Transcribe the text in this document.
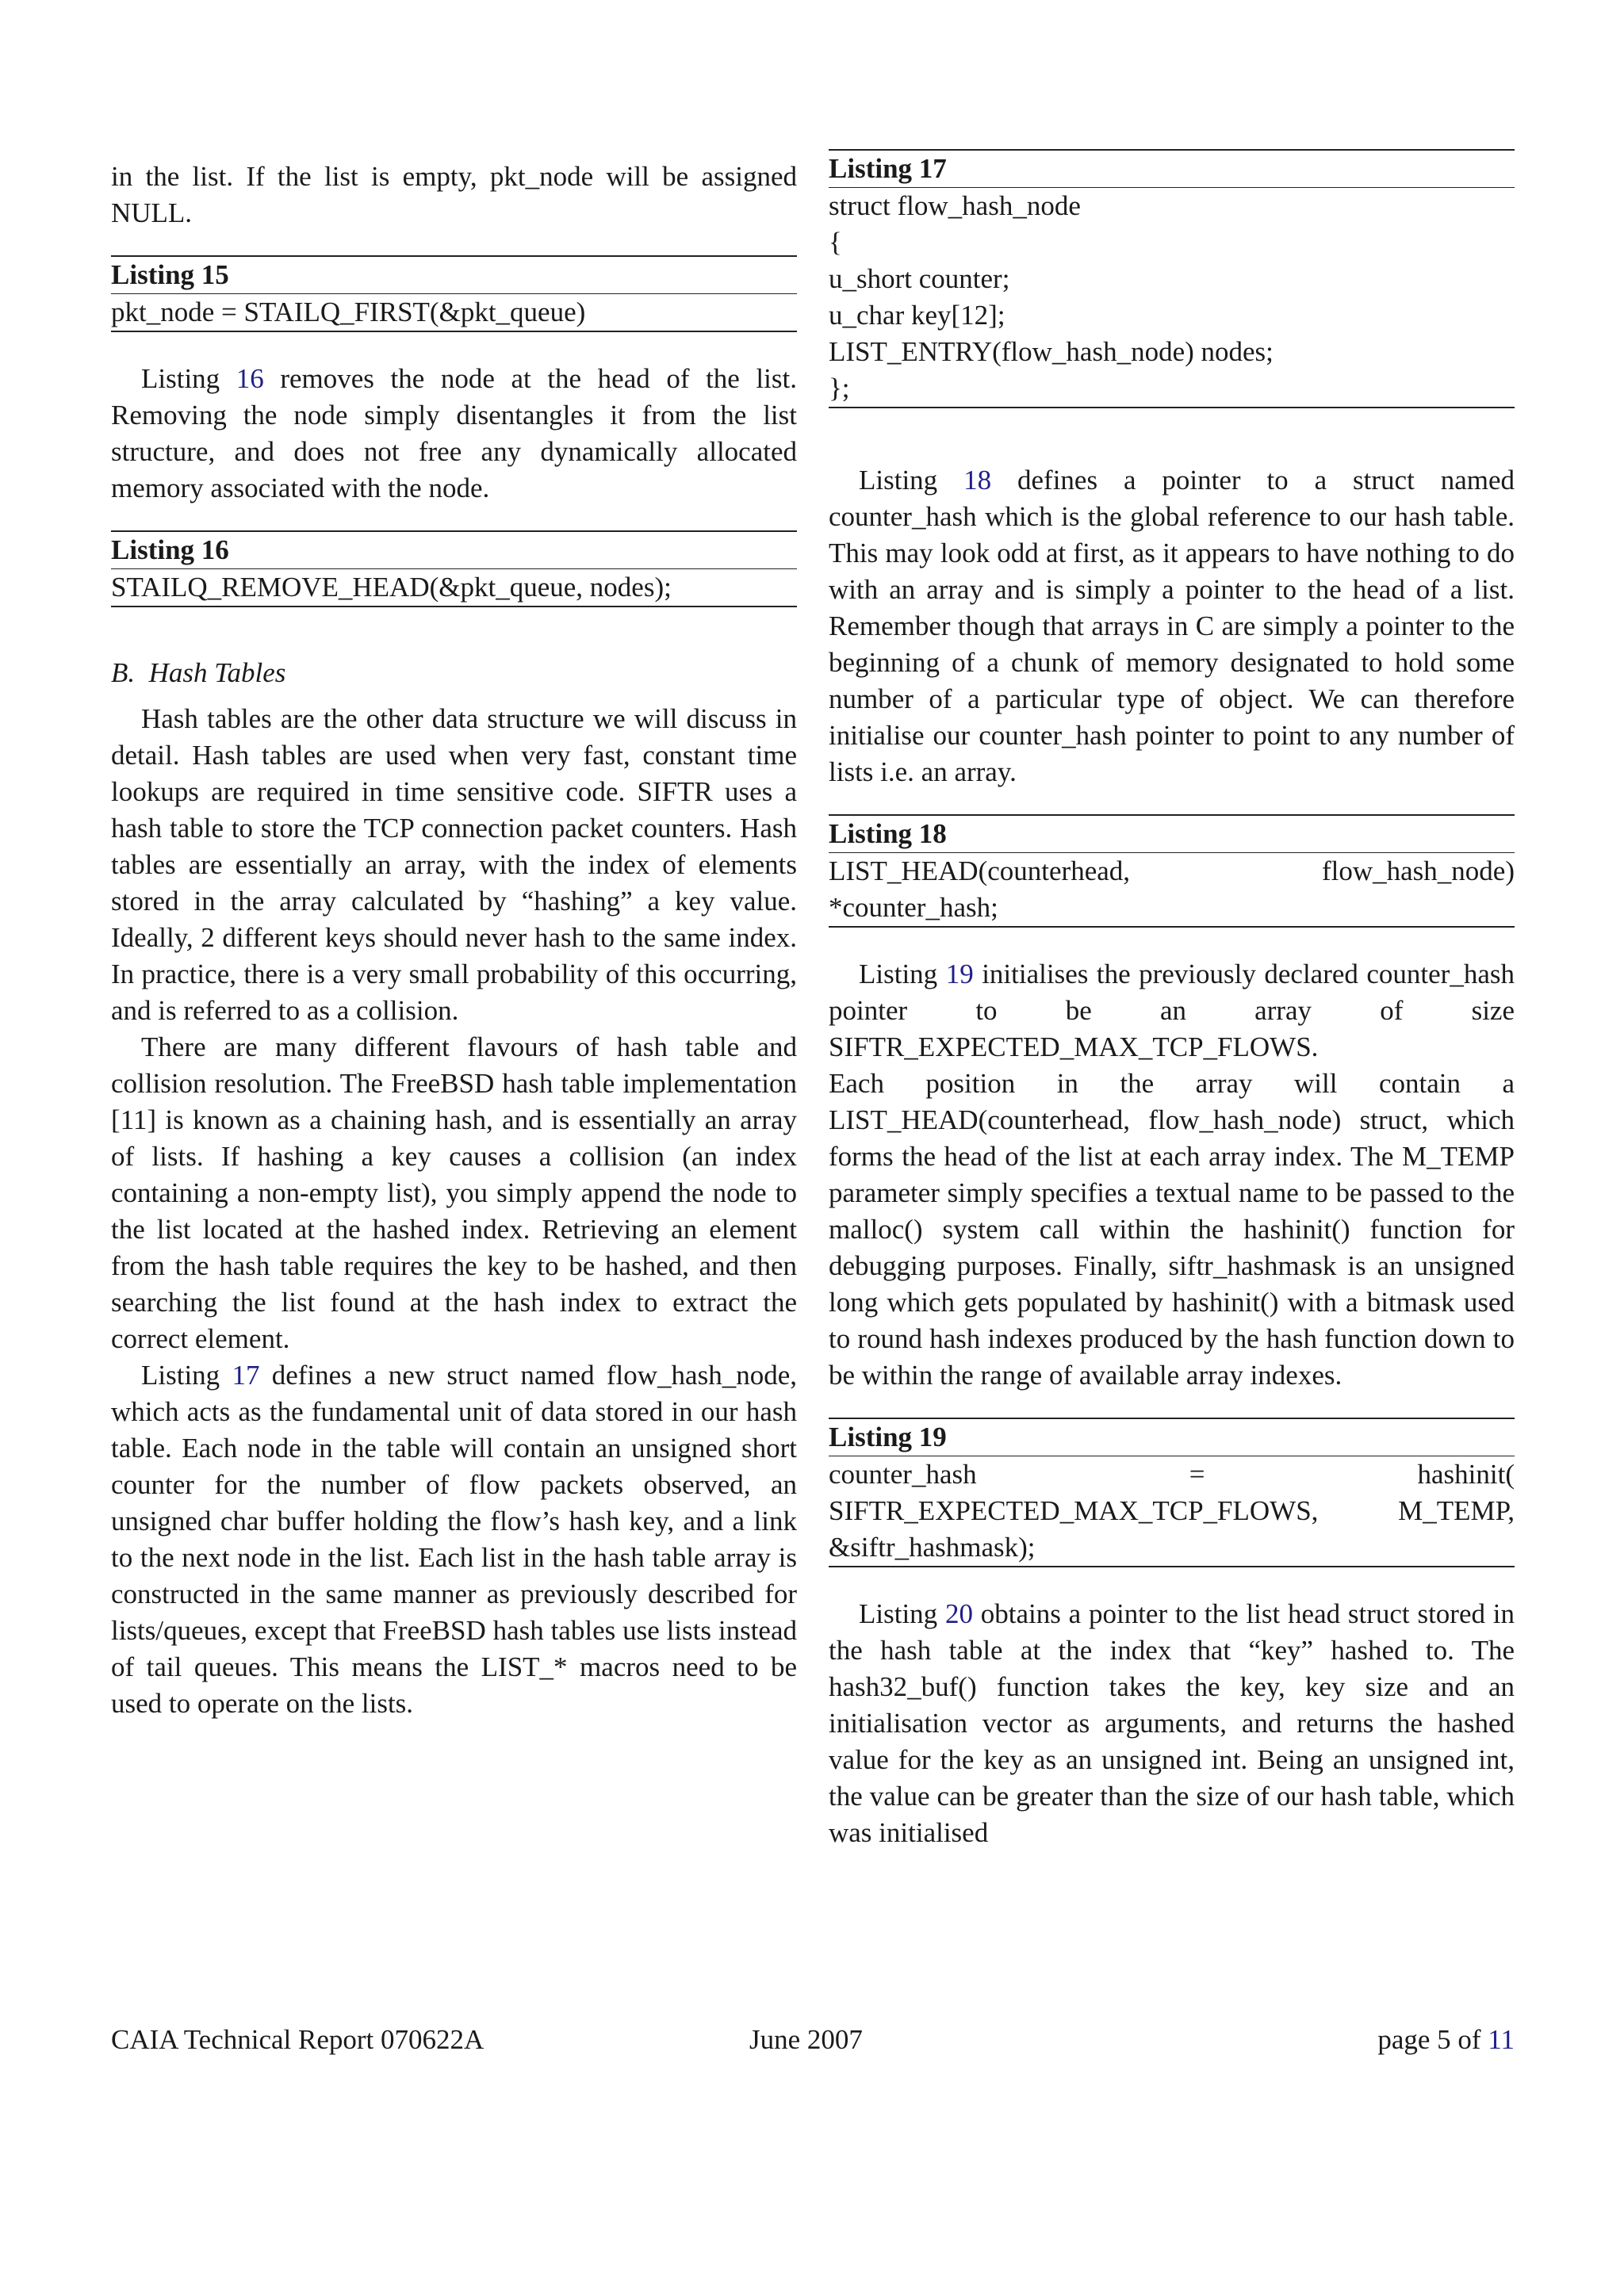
in the list. If the list is empty, pkt_node will be assigned NULL.

Listing 15
pkt_node = STAILQ_FIRST(&pkt_queue)

Listing 16 removes the node at the head of the list. Removing the node simply disentangles it from the list structure, and does not free any dynamically allocated memory associated with the node.

Listing 16
STAILQ_REMOVE_HEAD(&pkt_queue, nodes);

B. Hash Tables

Hash tables are the other data structure we will discuss in detail. Hash tables are used when very fast, constant time lookups are required in time sensitive code. SIFTR uses a hash table to store the TCP connection packet counters. Hash tables are essentially an array, with the index of elements stored in the array calculated by “hashing” a key value. Ideally, 2 different keys should never hash to the same index. In practice, there is a very small probability of this occurring, and is referred to as a collision.

There are many different flavours of hash table and collision resolution. The FreeBSD hash table implementation [11] is known as a chaining hash, and is essentially an array of lists. If hashing a key causes a collision (an index containing a non-empty list), you simply append the node to the list located at the hashed index. Retrieving an element from the hash table requires the key to be hashed, and then searching the list found at the hash index to extract the correct element.

Listing 17 defines a new struct named flow_hash_node, which acts as the fundamental unit of data stored in our hash table. Each node in the table will contain an unsigned short counter for the number of flow packets observed, an unsigned char buffer holding the flow’s hash key, and a link to the next node in the list. Each list in the hash table array is constructed in the same manner as previously described for lists/queues, except that FreeBSD hash tables use lists instead of tail queues. This means the LIST_* macros need to be used to operate on the lists.

Listing 17
struct flow_hash_node
{
u_short counter;
u_char key[12];
LIST_ENTRY(flow_hash_node) nodes;
};

Listing 18 defines a pointer to a struct named counter_hash which is the global reference to our hash table. This may look odd at first, as it appears to have nothing to do with an array and is simply a pointer to the head of a list. Remember though that arrays in C are simply a pointer to the beginning of a chunk of memory designated to hold some number of a particular type of object. We can therefore initialise our counter_hash pointer to point to any number of lists i.e. an array.

Listing 18
LIST_HEAD(counterhead, flow_hash_node)
*counter_hash;

Listing 19 initialises the previously declared counter_hash pointer to be an array of size SIFTR_EXPECTED_MAX_TCP_FLOWS.

Each position in the array will contain a LIST_HEAD(counterhead, flow_hash_node) struct, which forms the head of the list at each array index. The M_TEMP parameter simply specifies a textual name to be passed to the malloc() system call within the hashinit() function for debugging purposes. Finally, siftr_hashmask is an unsigned long which gets populated by hashinit() with a bitmask used to round hash indexes produced by the hash function down to be within the range of available array indexes.

Listing 19
counter_hash = hashinit(
SIFTR_EXPECTED_MAX_TCP_FLOWS, M_TEMP,
&siftr_hashmask);

Listing 20 obtains a pointer to the list head struct stored in the hash table at the index that “key” hashed to. The hash32_buf() function takes the key, key size and an initialisation vector as arguments, and returns the hashed value for the key as an unsigned int. Being an unsigned int, the value can be greater than the size of our hash table, which was initialised

CAIA Technical Report 070622A	June 2007	page 5 of 11
